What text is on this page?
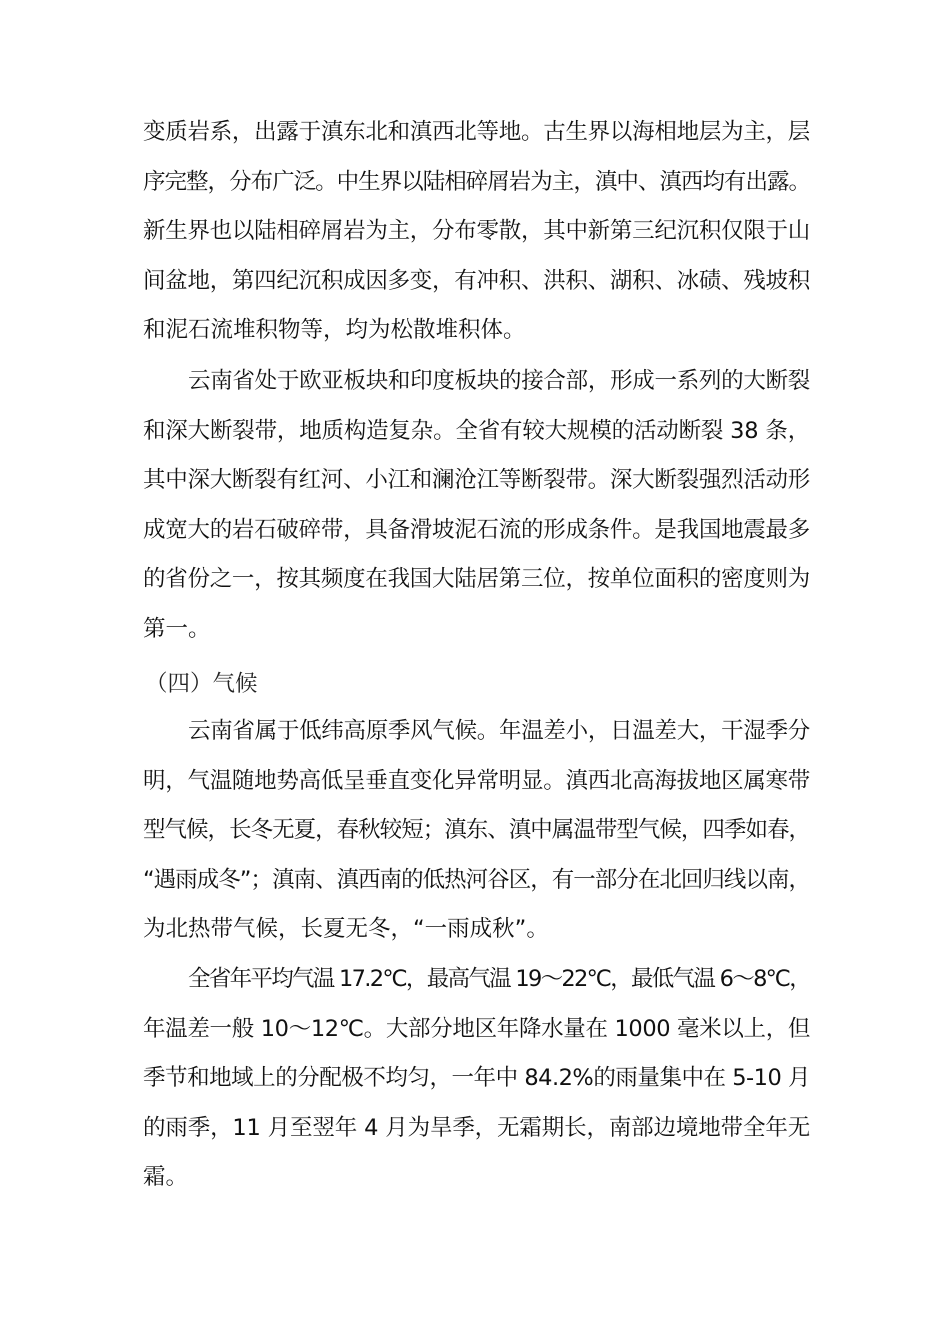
变质岩系，出露于滇东北和滇西北等地。古生界以海相地层为主，层
序完整，分布广泛。中生界以陆相碎屑岩为主，滇中、滇西均有出露。
新生界也以陆相碎屑岩为主，分布零散，其中新第三纪沉积仅限于山
间盆地，第四纪沉积成因多变，有冲积、洪积、湖积、冰碛、残坡积
和泥石流堆积物等，均为松散堆积体。
云南省处于欧亚板块和印度板块的接合部，形成一系列的大断裂
和深大断裂带，地质构造复杂。全省有较大规模的活动断裂 38 条，
其中深大断裂有红河、小江和澜沧江等断裂带。深大断裂强烈活动形
成宽大的岩石破碎带，具备滑坡泥石流的形成条件。是我国地震最多
的省份之一，按其频度在我国大陆居第三位，按单位面积的密度则为
第一。
（四）气候
云南省属于低纬高原季风气候。年温差小，日温差大，干湿季分
明，气温随地势高低呈垂直变化异常明显。滇西北高海拔地区属寒带
型气候，长冬无夏，春秋较短；滇东、滇中属温带型气候，四季如春，
“遇雨成冬”；滇南、滇西南的低热河谷区，有一部分在北回归线以南，
为北热带气候，长夏无冬，“一雨成秋”。
全省年平均气温 17.2℃，最高气温 19～22℃，最低气温 6～8℃，
年温差一般 10～12℃。大部分地区年降水量在 1000 毫米以上，但
季节和地域上的分配极不均匀，一年中 84.2%的雨量集中在 5-10 月
的雨季，11 月至翌年 4 月为旱季，无霜期长，南部边境地带全年无
霜。
